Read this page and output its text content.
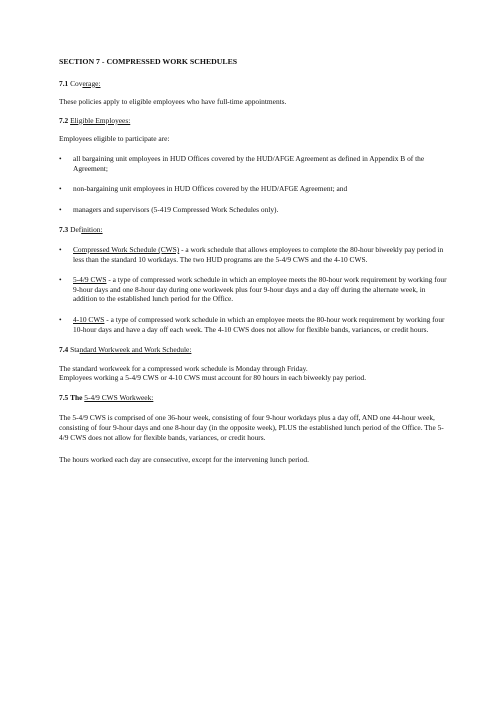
SECTION 7 - COMPRESSED WORK SCHEDULES
7.1 Coverage:
These policies apply to eligible employees who have full-time appointments.
7.2 Eligible Employees:
Employees eligible to participate are:
• all bargaining unit employees in HUD Offices covered by the HUD/AFGE Agreement as defined in Appendix B of the Agreement;
• non-bargaining unit employees in HUD Offices covered by the HUD/AFGE Agreement; and
• managers and supervisors (5-419 Compressed Work Schedules only).
7.3 Definition:
• Compressed Work Schedule (CWS) - a work schedule that allows employees to complete the 80-hour biweekly pay period in less than the standard 10 workdays. The two HUD programs are the 5-4/9 CWS and the 4-10 CWS.
• 5-4/9 CWS - a type of compressed work schedule in which an employee meets the 80-hour work requirement by working four 9-hour days and one 8-hour day during one workweek plus four 9-hour days and a day off during the alternate week, in addition to the established lunch period for the Office.
• 4-10 CWS - a type of compressed work schedule in which an employee meets the 80-hour work requirement by working four 10-hour days and have a day off each week. The 4-10 CWS does not allow for flexible bands, variances, or credit hours.
7.4 Standard Workweek and Work Schedule:
The standard workweek for a compressed work schedule is Monday through Friday.
Employees working a 5-4/9 CWS or 4-10 CWS must account for 80 hours in each biweekly pay period.
7.5 The 5-4/9 CWS Workweek:
The 5-4/9 CWS is comprised of one 36-hour week, consisting of four 9-hour workdays plus a day off, AND one 44-hour week, consisting of four 9-hour days and one 8-hour day (in the opposite week), PLUS the established lunch period of the Office. The 5-4/9 CWS does not allow for flexible bands, variances, or credit hours.
The hours worked each day are consecutive, except for the intervening lunch period.
